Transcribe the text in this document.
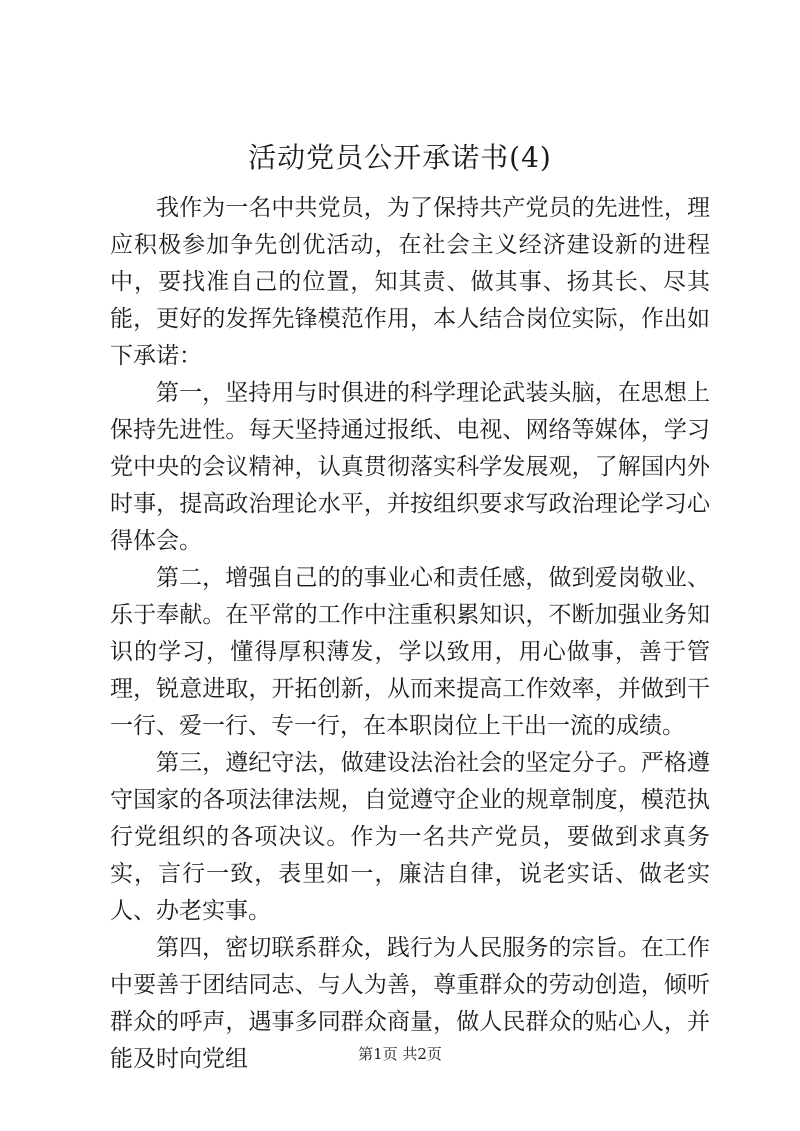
活动党员公开承诺书(4)

我作为一名中共党员，为了保持共产党员的先进性，理应积极参加争先创优活动，在社会主义经济建设新的进程中，要找准自己的位置，知其责、做其事、扬其长、尽其能，更好的发挥先锋模范作用，本人结合岗位实际，作出如下承诺：

第一，坚持用与时俱进的科学理论武装头脑，在思想上保持先进性。每天坚持通过报纸、电视、网络等媒体，学习党中央的会议精神，认真贯彻落实科学发展观，了解国内外时事，提高政治理论水平，并按组织要求写政治理论学习心得体会。

第二，增强自己的的事业心和责任感，做到爱岗敬业、乐于奉献。在平常的工作中注重积累知识，不断加强业务知识的学习，懂得厚积薄发，学以致用，用心做事，善于管理，锐意进取，开拓创新，从而来提高工作效率，并做到干一行、爱一行、专一行，在本职岗位上干出一流的成绩。

第三，遵纪守法，做建设法治社会的坚定分子。严格遵守国家的各项法律法规，自觉遵守企业的规章制度，模范执行党组织的各项决议。作为一名共产党员，要做到求真务实，言行一致，表里如一，廉洁自律，说老实话、做老实人、办老实事。

第四，密切联系群众，践行为人民服务的宗旨。在工作中要善于团结同志、与人为善，尊重群众的劳动创造，倾听群众的呼声，遇事多同群众商量，做人民群众的贴心人，并能及时向党组	第1页 共2页
